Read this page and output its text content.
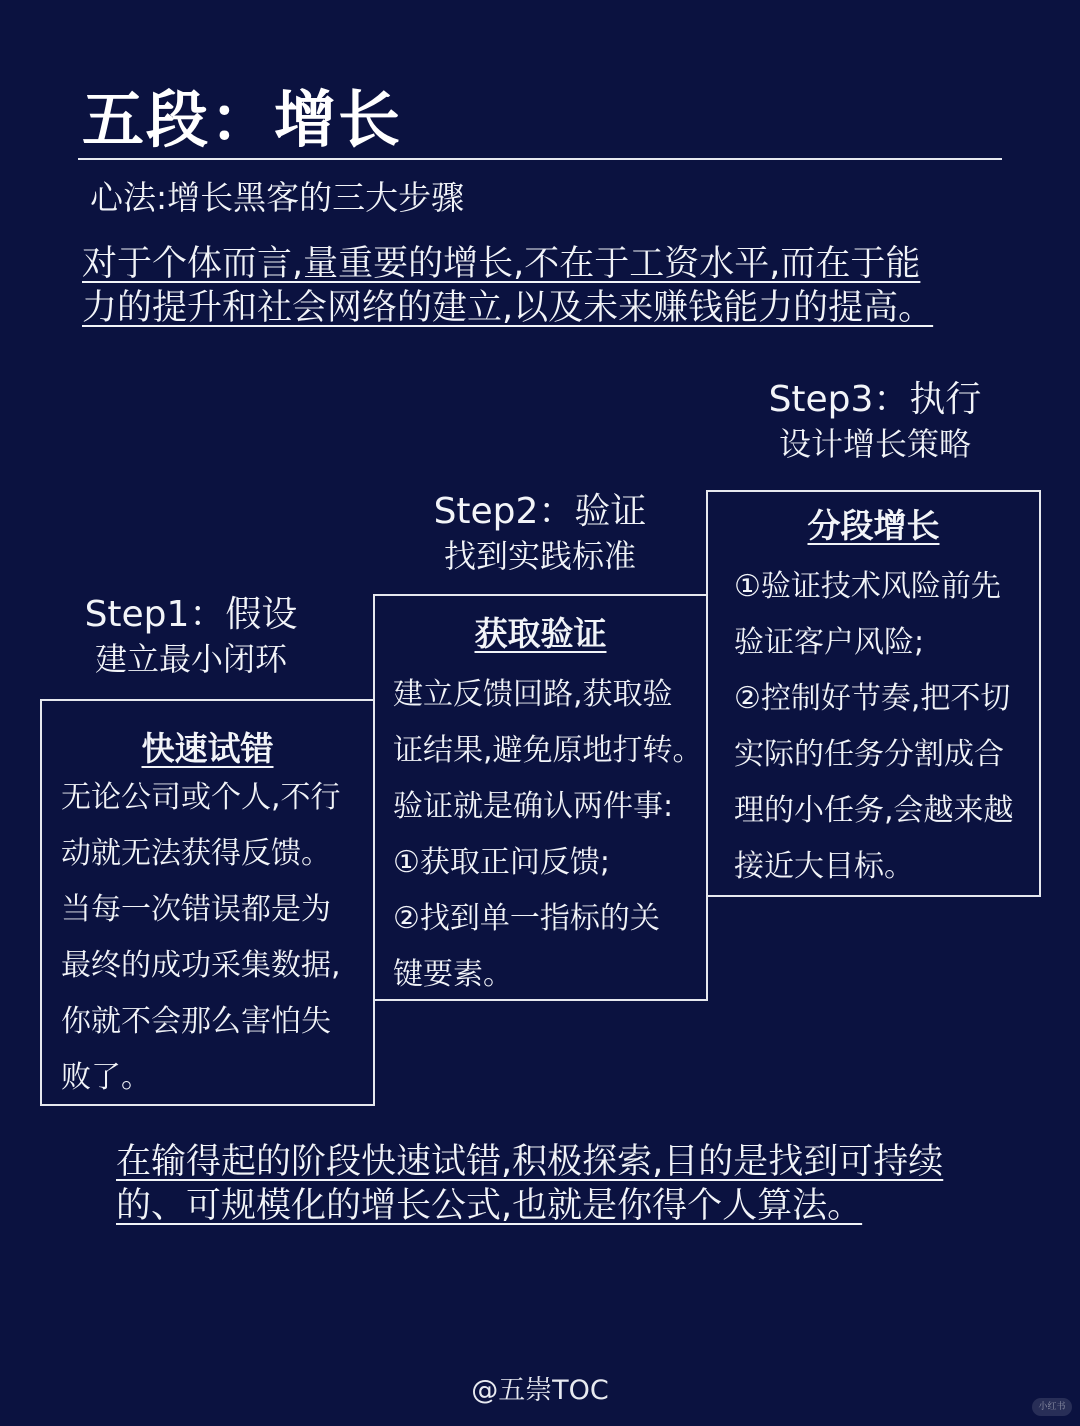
五段：增长
心法:增长黑客的三大步骤
对于个体而言,量重要的增长,不在于工资水平,而在于能
力的提升和社会网络的建立,以及未来赚钱能力的提高。
Step3：执行
设计增长策略
Step2：验证
找到实践标准
Step1：假设
建立最小闭环
分段增长
①验证技术风险前先
验证客户风险;
②控制好节奏,把不切
实际的任务分割成合
理的小任务,会越来越
接近大目标。
获取验证
建立反馈回路,获取验
证结果,避免原地打转。
验证就是确认两件事:
①获取正问反馈;
②找到单一指标的关
键要素。
快速试错
无论公司或个人,不行
动就无法获得反馈。
当每一次错误都是为
最终的成功采集数据,
你就不会那么害怕失
败了。
在输得起的阶段快速试错,积极探索,目的是找到可持续
的、可规模化的增长公式,也就是你得个人算法。
@五崇TOC
小红书
